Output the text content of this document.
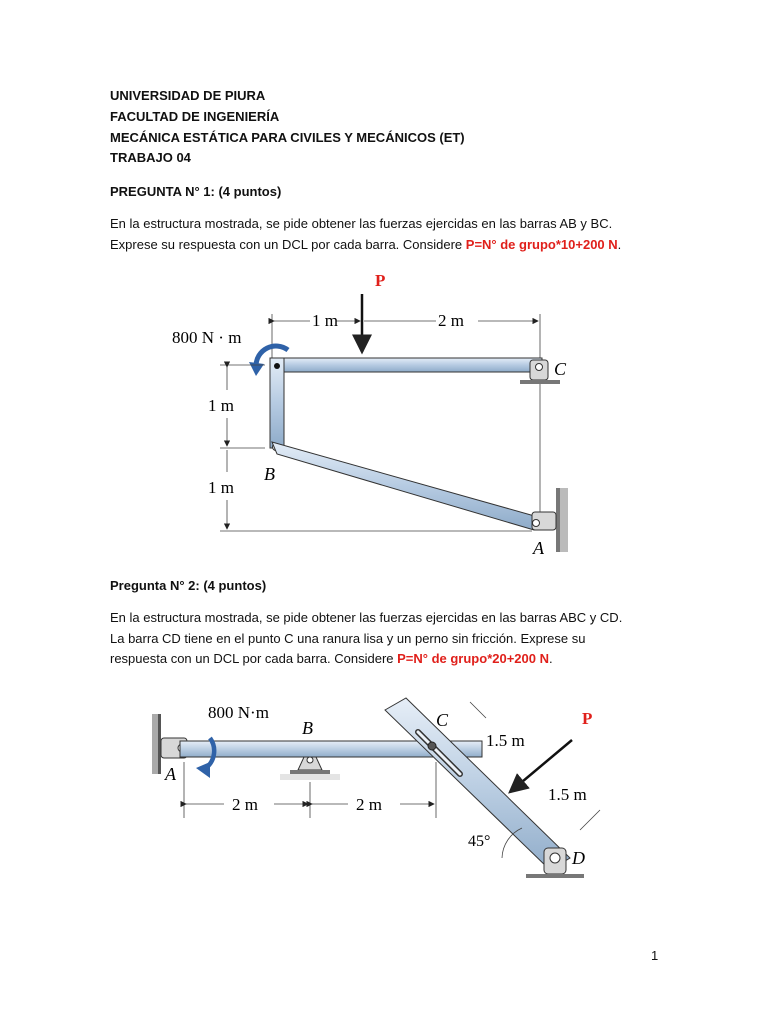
UNIVERSIDAD DE PIURA
FACULTAD DE INGENIERÍA
MECÁNICA ESTÁTICA PARA CIVILES Y MECÁNICOS (ET)
TRABAJO 04
PREGUNTA N° 1: (4 puntos)

En la estructura mostrada, se pide obtener las fuerzas ejercidas en las barras AB y BC.

Exprese su respuesta con un DCL por cada barra. Considere P=N° de grupo*10+200 N.

1 m	2 m
P
800 N · m
C
A
B
1 m
1 m
Pregunta N° 2: (4 puntos)

En la estructura mostrada, se pide obtener las fuerzas ejercidas en las barras ABC y CD.

La barra CD tiene en el punto C una ranura lisa y un perno sin fricción. Exprese su

respuesta con un DCL por cada barra. Considere P=N° de grupo*20+200 N.

A
800 N·m
B	C
D
P
1.5 m
1.5 m
45°
2 m	2 m
1
